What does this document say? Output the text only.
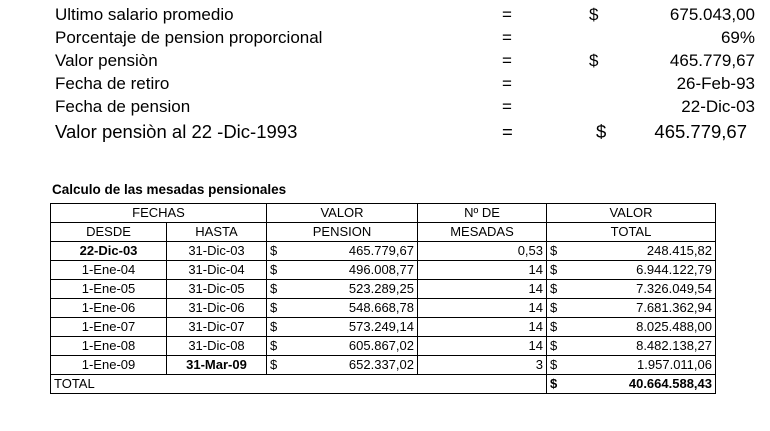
Ultimo salario promedio	=	$	675.043,00
Porcentaje de pension proporcional	=	69%
Valor pensiòn	=	$	465.779,67
Fecha de retiro	=	26-Feb-93
Fecha de pension	=	22-Dic-03
Valor pensiòn al 22 -Dic-1993	=	$	465.779,67
Calculo de las mesadas pensionales
FECHAS		VALOR		Nº DE	VALOR	
DESDE	HASTA	PENSION		MESADAS	TOTAL	
22-Dic-03	31-Dic-03	$	465.779,67	0,53	$	248.415,82
1-Ene-04	31-Dic-04	$	496.008,77	14	$	6.944.122,79
1-Ene-05	31-Dic-05	$	523.289,25	14	$	7.326.049,54
1-Ene-06	31-Dic-06	$	548.668,78	14	$	7.681.362,94
1-Ene-07	31-Dic-07	$	573.249,14	14	$	8.025.488,00
1-Ene-08	31-Dic-08	$	605.867,02	14	$	8.482.138,27
1-Ene-09	31-Mar-09	$	652.337,02	3	$	1.957.011,06
TOTAL					$	40.664.588,43
